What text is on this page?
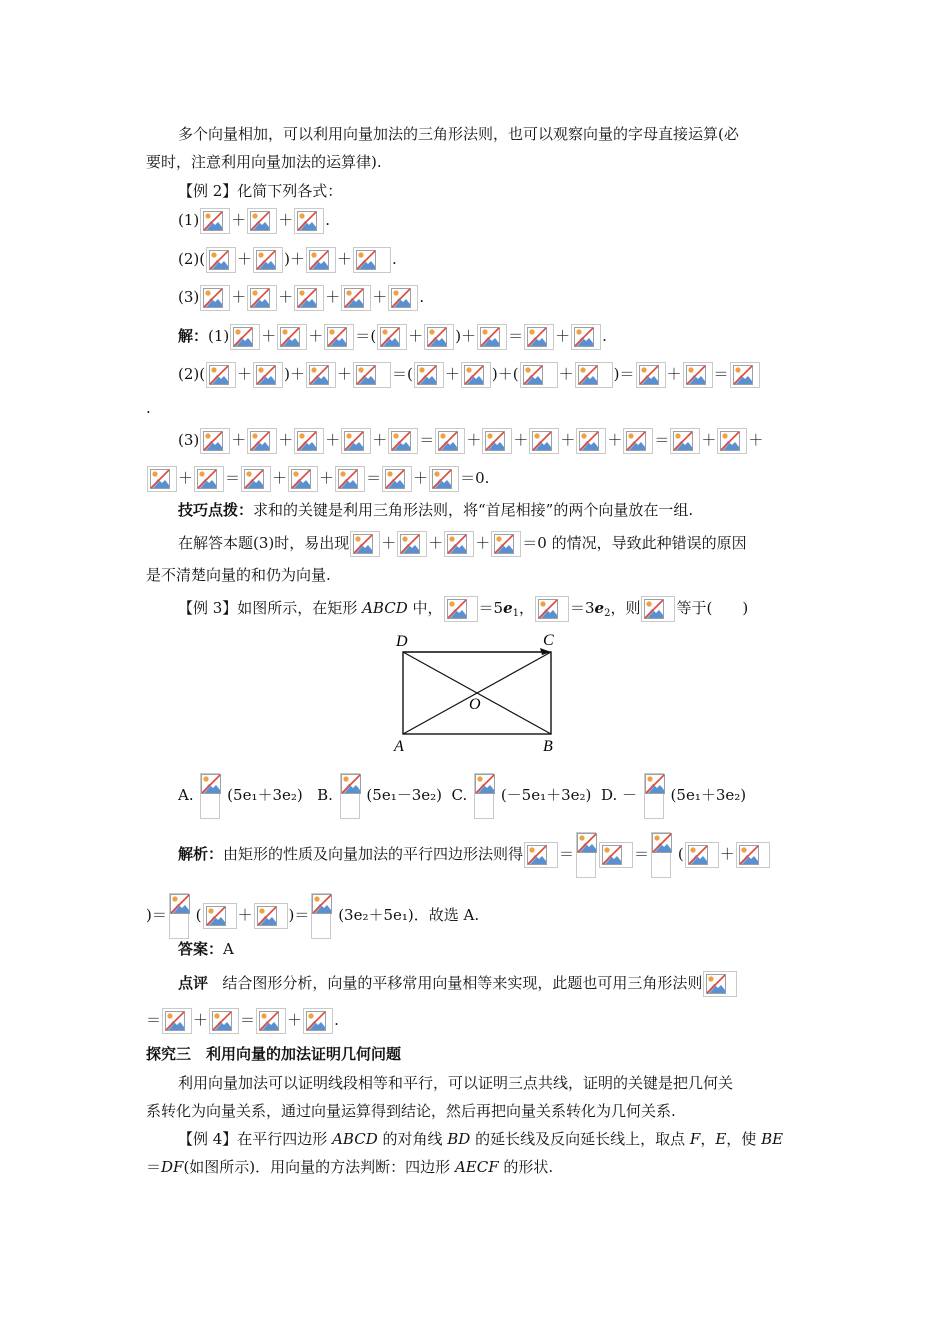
多个向量相加，可以利用向量加法的三角形法则，也可以观察向量的字母直接运算(必
要时，注意利用向量加法的运算律).
【例 2】化简下列各式：
(1) ＋ ＋ .
(2)( ＋ )＋ ＋	.
(3) ＋ ＋ ＋ ＋ .
解：(1) ＋ ＋ ＝( ＋ )＋ ＝ ＋ .
(2)( ＋ )＋ ＋	＝( ＋ )＋(	＋	)＝ ＋ ＝
.
(3) ＋ ＋ ＋ ＋ ＝ ＋ ＋ ＋ ＋ ＝ ＋ ＋
＋ ＝ ＋ ＋ ＝ ＋ ＝0.
技巧点拨：求和的关键是利用三角形法则，将“首尾相接”的两个向量放在一组.
在解答本题(3)时，易出现 ＋ ＋ ＋ ＝0 的情况，导致此种错误的原因
是不清楚向量的和仍为向量.
【例 3】如图所示，在矩形 ABCD 中， $=5e_1$， $=3e_2$，则 等于(　　)
D	C
O
A	B
A. (5e₁＋3e₂) B. (5e₁－3e₂) C. (－5e₁＋3e₂) D. － (5e₁＋3e₂)
解析：由矩形的性质及向量加法的平行四边形法则得 ＝	＝ ( ＋
)＝ ( ＋ )＝ (3e₂＋5e₁)．故选 A.
答案：A
点评 结合图形分析，向量的平移常用向量相等来实现，此题也可用三角形法则
＝ ＋ ＝ ＋ .
探究三　利用向量的加法证明几何问题
利用向量加法可以证明线段相等和平行，可以证明三点共线，证明的关键是把几何关
系转化为向量关系，通过向量运算得到结论，然后再把向量关系转化为几何关系.
【例 4】在平行四边形 ABCD 的对角线 BD 的延长线及反向延长线上，取点 F，E，使 BE
＝DF(如图所示)．用向量的方法判断：四边形 AECF 的形状.
